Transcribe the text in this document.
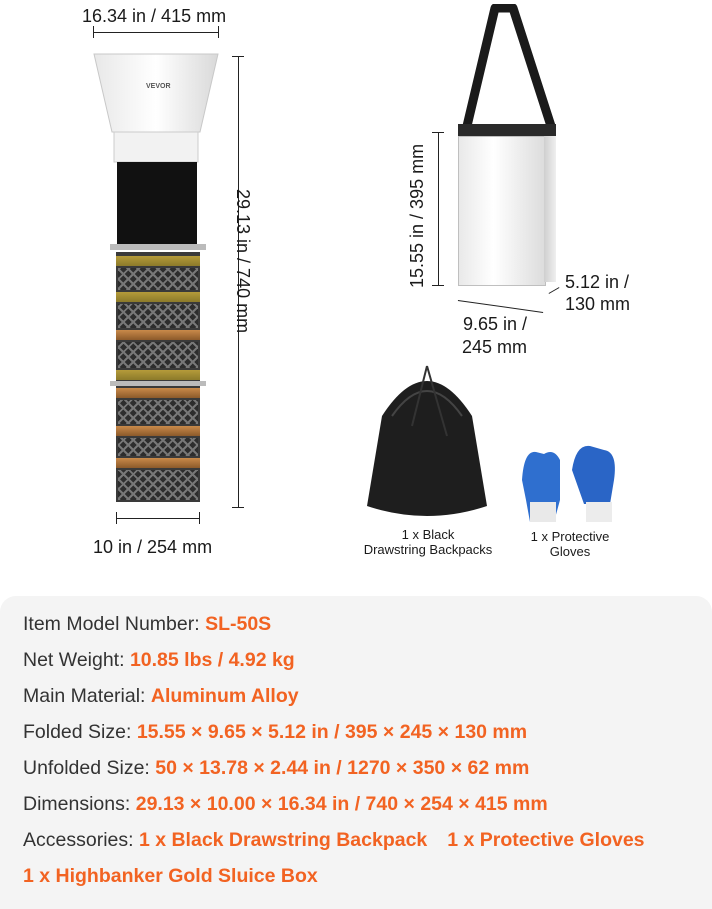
16.34 in / 415 mm
VEVOR
29.13 in / 740 mm
10 in / 254 mm
15.55 in / 395 mm
9.65 in /
245 mm
5.12 in /
130 mm
1 x Black
Drawstring Backpacks
1 x Protective
Gloves
Item Model Number: SL-50S
Net Weight: 10.85 lbs / 4.92 kg
Main Material: Aluminum Alloy
Folded Size: 15.55 × 9.65 × 5.12 in / 395 × 245 × 130 mm
Unfolded Size: 50 × 13.78 × 2.44 in / 1270 × 350 × 62 mm
Dimensions: 29.13 × 10.00 × 16.34 in / 740 × 254 × 415 mm
Accessories: 1 x Black Drawstring Backpack 1 x Protective Gloves
1 x Highbanker Gold Sluice Box
